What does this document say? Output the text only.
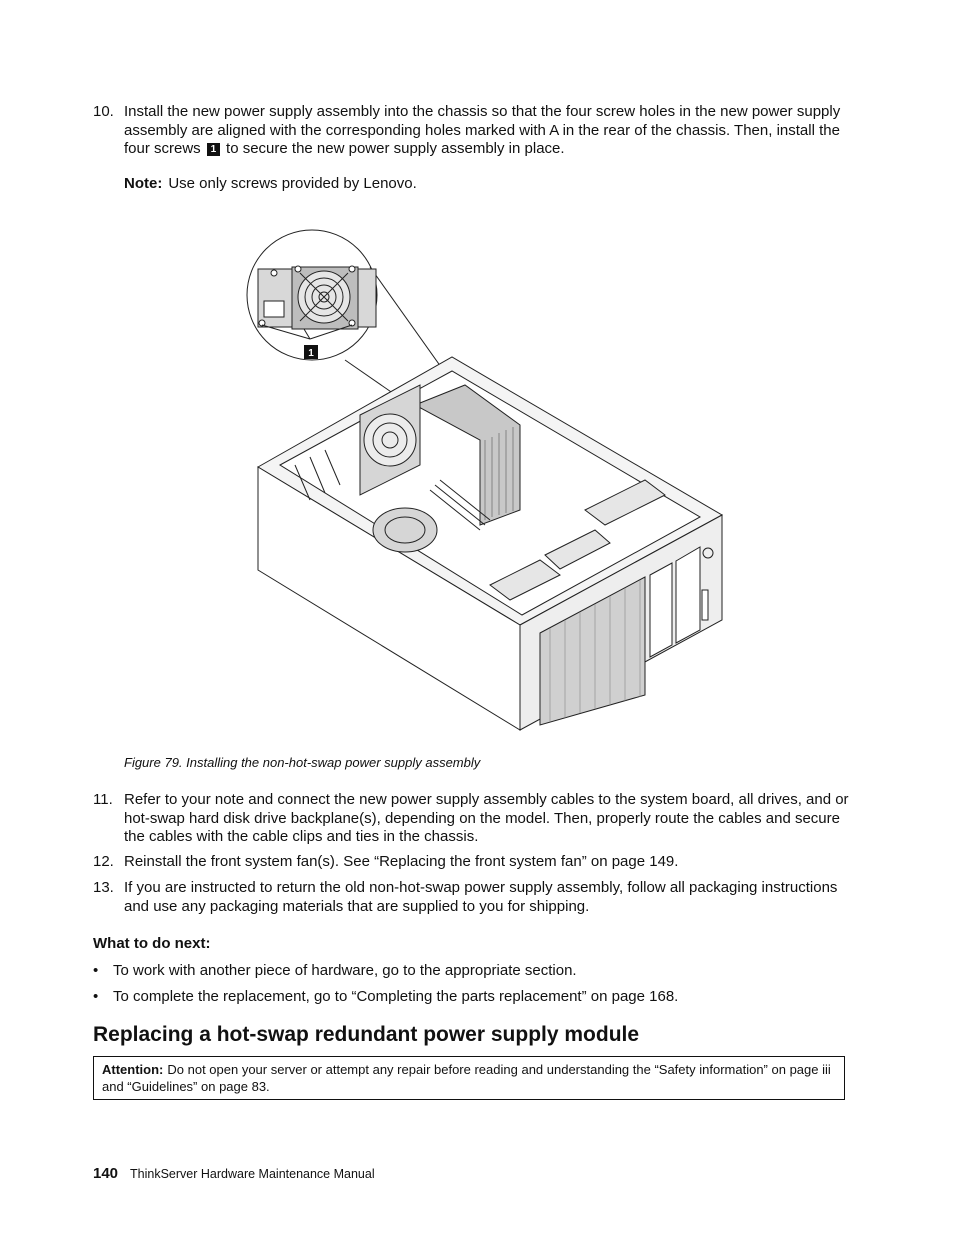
10. Install the new power supply assembly into the chassis so that the four screw holes in the new power supply assembly are aligned with the corresponding holes marked with A in the rear of the chassis. Then, install the four screws 1 to secure the new power supply assembly in place.
Note: Use only screws provided by Lenovo.
1
Figure 79. Installing the non-hot-swap power supply assembly
11. Refer to your note and connect the new power supply assembly cables to the system board, all drives, and or hot-swap hard disk drive backplane(s), depending on the model. Then, properly route the cables and secure the cables with the cable clips and ties in the chassis.
12. Reinstall the front system fan(s). See “Replacing the front system fan” on page 149.
13. If you are instructed to return the old non-hot-swap power supply assembly, follow all packaging instructions and use any packaging materials that are supplied to you for shipping.
What to do next:
• To work with another piece of hardware, go to the appropriate section.
• To complete the replacement, go to “Completing the parts replacement” on page 168.
Replacing a hot-swap redundant power supply module
Attention: Do not open your server or attempt any repair before reading and understanding the “Safety information” on page iii and “Guidelines” on page 83.
140 ThinkServer Hardware Maintenance Manual
